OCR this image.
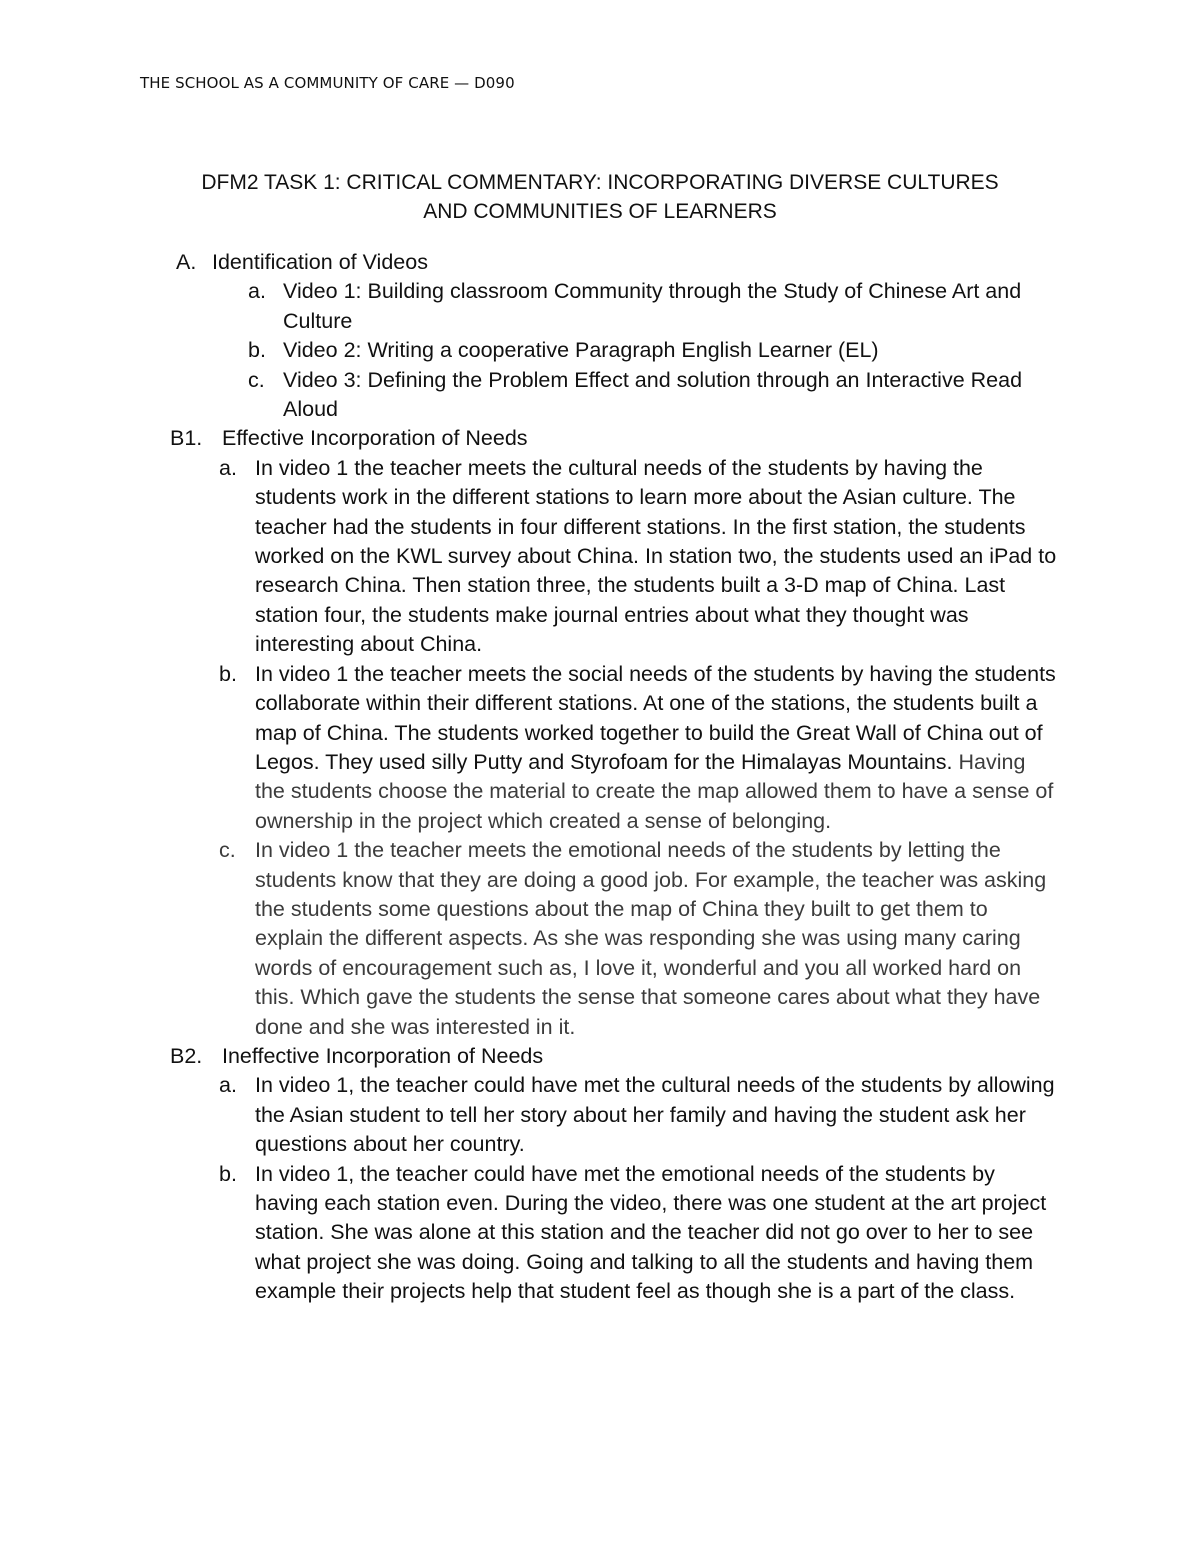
THE SCHOOL AS A COMMUNITY OF CARE — D090
DFM2 TASK 1: CRITICAL COMMENTARY: INCORPORATING DIVERSE CULTURES
AND COMMUNITIES OF LEARNERS
A. Identification of Videos
a. Video 1: Building classroom Community through the Study of Chinese Art and Culture
b. Video 2: Writing a cooperative Paragraph English Learner (EL)
c. Video 3: Defining the Problem Effect and solution through an Interactive Read Aloud
B1. Effective Incorporation of Needs
a. In video 1 the teacher meets the cultural needs of the students by having the students work in the different stations to learn more about the Asian culture. The teacher had the students in four different stations. In the first station, the students worked on the KWL survey about China. In station two, the students used an iPad to research China. Then station three, the students built a 3-D map of China. Last station four, the students make journal entries about what they thought was interesting about China.
b. In video 1 the teacher meets the social needs of the students by having the students collaborate within their different stations. At one of the stations, the students built a map of China. The students worked together to build the Great Wall of China out of Legos. They used silly Putty and Styrofoam for the Himalayas Mountains. Having the students choose the material to create the map allowed them to have a sense of ownership in the project which created a sense of belonging.
c. In video 1 the teacher meets the emotional needs of the students by letting the students know that they are doing a good job. For example, the teacher was asking the students some questions about the map of China they built to get them to explain the different aspects. As she was responding she was using many caring words of encouragement such as, I love it, wonderful and you all worked hard on this. Which gave the students the sense that someone cares about what they have done and she was interested in it.
B2. Ineffective Incorporation of Needs
a. In video 1, the teacher could have met the cultural needs of the students by allowing the Asian student to tell her story about her family and having the student ask her questions about her country.
b. In video 1, the teacher could have met the emotional needs of the students by having each station even. During the video, there was one student at the art project station. She was alone at this station and the teacher did not go over to her to see what project she was doing. Going and talking to all the students and having them example their projects help that student feel as though she is a part of the class.
